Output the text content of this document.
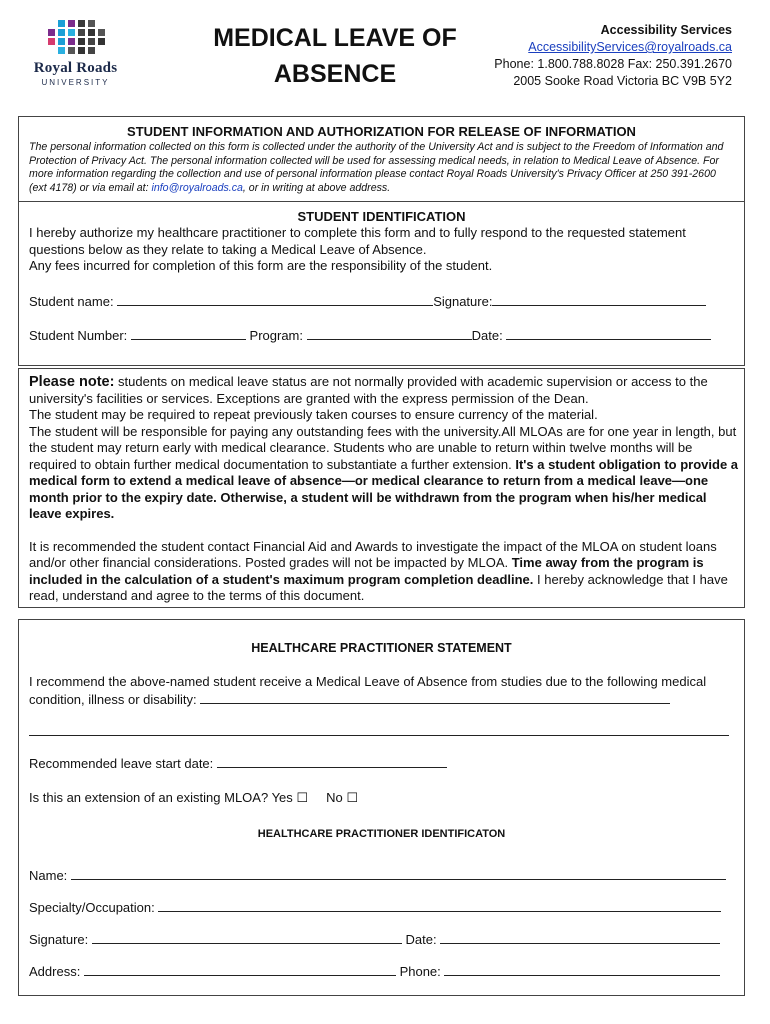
Royal Roads
UNIVERSITY
MEDICAL LEAVE OF
ABSENCE
Accessibility Services
AccessibilityServices@royalroads.ca
Phone: 1.800.788.8028 Fax: 250.391.2670
2005 Sooke Road Victoria BC V9B 5Y2
STUDENT INFORMATION AND AUTHORIZATION FOR RELEASE OF INFORMATION
The personal information collected on this form is collected under the authority of the University Act and is subject to the Freedom of Information and Protection of Privacy Act. The personal information collected will be used for assessing medical needs, in relation to Medical Leave of Absence. For more information regarding the collection and use of personal information please contact Royal Roads University's Privacy Officer at 250 391-2600 (ext 4178) or via email at: info@royalroads.ca, or in writing at above address.
STUDENT IDENTIFICATION
I hereby authorize my healthcare practitioner to complete this form and to fully respond to the requested statement questions below as they relate to taking a Medical Leave of Absence.
Any fees incurred for completion of this form are the responsibility of the student.
Student name:	Signature:
Student Number:	Program:	Date:
Please note: students on medical leave status are not normally provided with academic supervision or access to the university's facilities or services. Exceptions are granted with the express permission of the Dean.
The student may be required to repeat previously taken courses to ensure currency of the material.
The student will be responsible for paying any outstanding fees with the university.All MLOAs are for one year in length, but the student may return early with medical clearance. Students who are unable to return within twelve months will be required to obtain further medical documentation to substantiate a further extension. It's a student obligation to provide a medical form to extend a medical leave of absence—or medical clearance to return from a medical leave—one month prior to the expiry date. Otherwise, a student will be withdrawn from the program when his/her medical leave expires.
It is recommended the student contact Financial Aid and Awards to investigate the impact of the MLOA on student loans and/or other financial considerations. Posted grades will not be impacted by MLOA. Time away from the program is included in the calculation of a student's maximum program completion deadline. I hereby acknowledge that I have read, understand and agree to the terms of this document.
HEALTHCARE PRACTITIONER STATEMENT
I recommend the above-named student receive a Medical Leave of Absence from studies due to the following medical condition, illness or disability:
Recommended leave start date:
Is this an extension of an existing MLOA? Yes ☐ No ☐
HEALTHCARE PRACTITIONER IDENTIFICATON
Name:
Specialty/Occupation:
Signature:	Date:
Address:	Phone:
